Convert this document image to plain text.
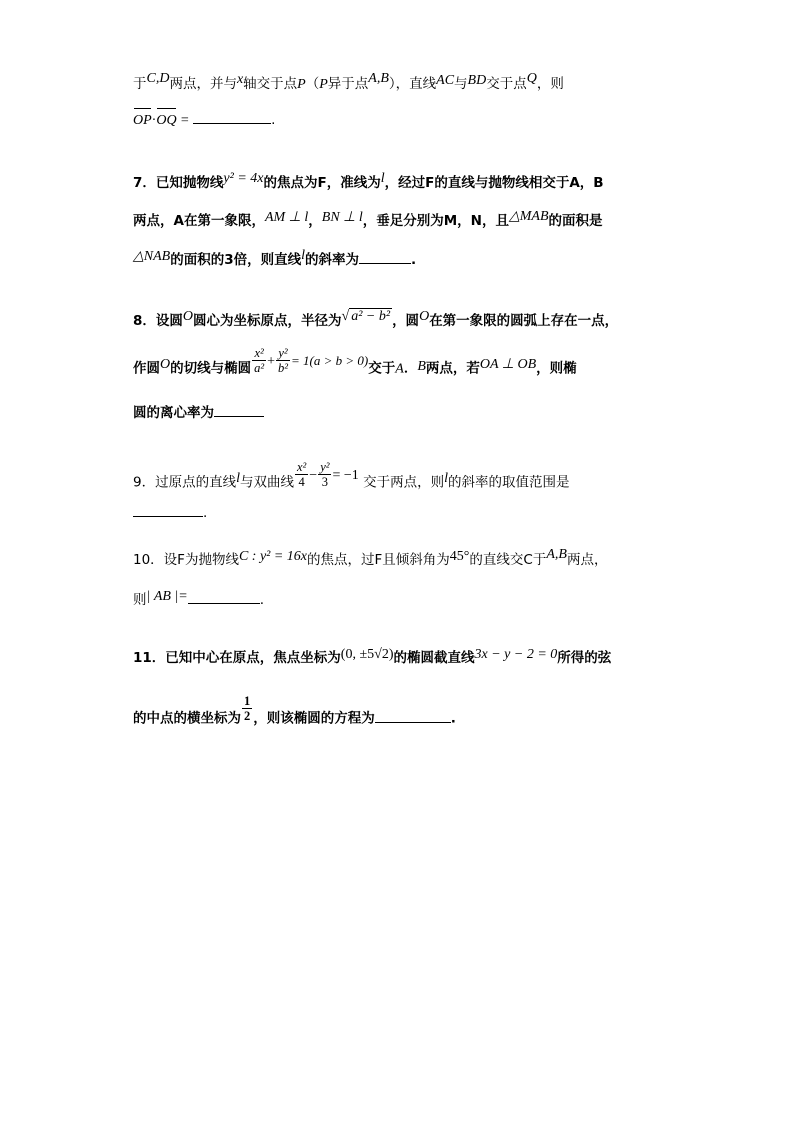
于C,D两点，并与x轴交于点P（P异于点A,B），直线AC与BD交于点Q，则
OP·OQ =	.
7．已知抛物线y² = 4x的焦点为F，准线为l，经过F的直线与抛物线相交于A，B
两点，A在第一象限，AM ⊥ l，BN ⊥ l，垂足分别为M，N，且△MAB的面积是
△NAB的面积的3倍，则直线l的斜率为	.
8．设圆O圆心为坐标原点，半径为√ a² − b² ，圆O在第一象限的圆弧上存在一点，
作圆O的切线与椭圆 $\frac{\text{x²}}{\text{a²}} + \frac{\text{y²}}{\text{b²}} = 1(a > b > 0)$交于A．B两点，若OA ⊥ OB，则椭
圆的离心率为
9．过原点的直线l与双曲线 $\frac{\text{x²}}{4} - \frac{\text{y²}}{3} = -1$ 交于两点，则l的斜率的取值范围是
.
10．设F为抛物线C : y² = 16x的焦点，过F且倾斜角为45°的直线交C于A,B两点，
则| AB |=	.
11．已知中心在原点，焦点坐标为(0, ±5√2)的椭圆截直线3x − y − 2 = 0所得的弦
的中点的横坐标为 $\frac{1}{2}$ ，则该椭圆的方程为	.
